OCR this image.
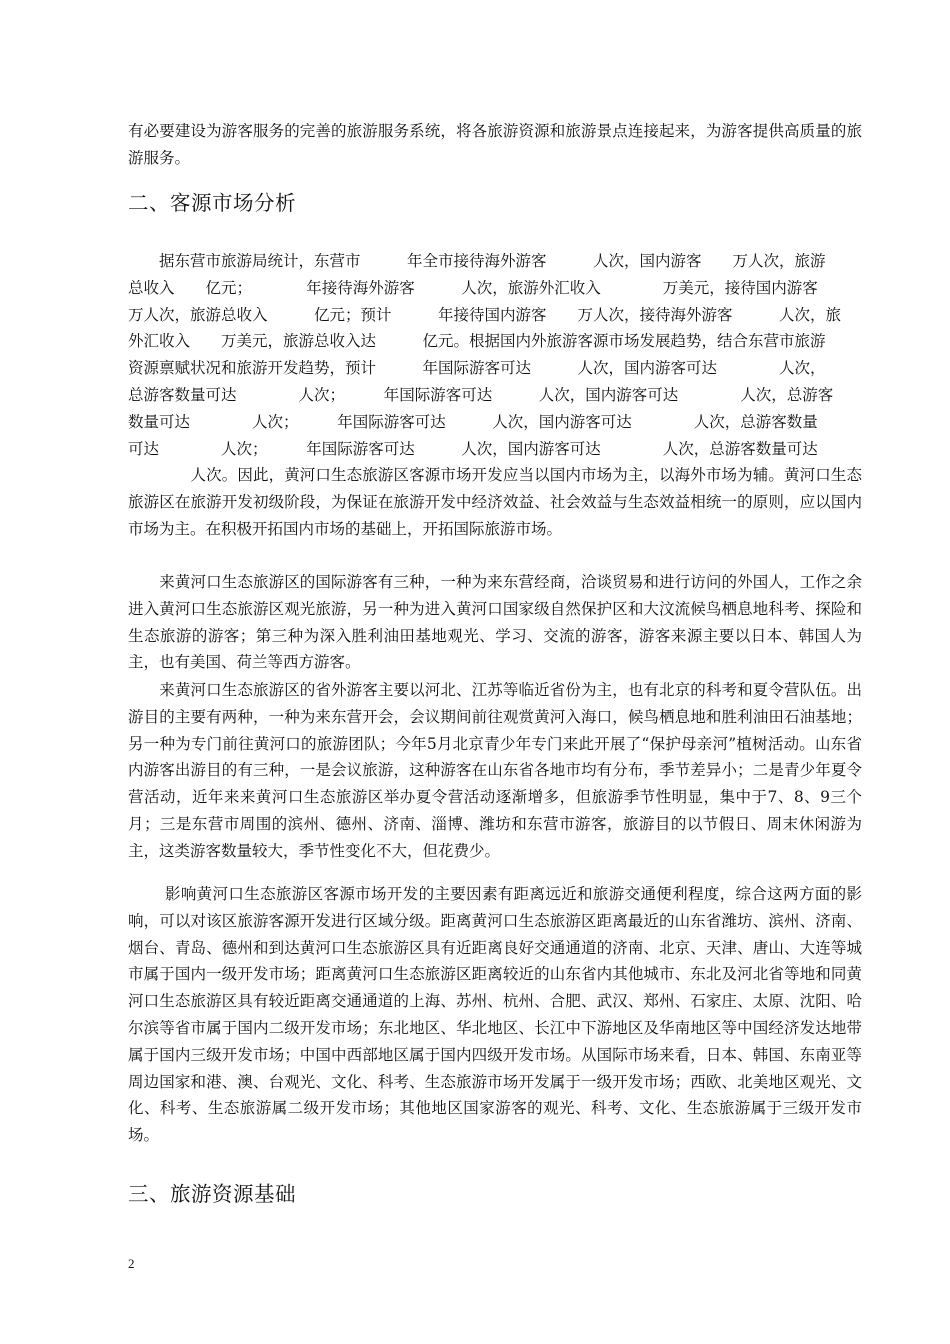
有必要建设为游客服务的完善的旅游服务系统，将各旅游资源和旅游景点连接起来，为游客提供高质量的旅游服务。

二、客源市场分析
　　据东营市旅游局统计，东营市　　　年全市接待海外游客　　　人次，国内游客　　万人次，旅游
总收入　　亿元；　　　　年接待海外游客　　　人次，旅游外汇收入　　　　万美元，接待国内游客
万人次，旅游总收入　　　亿元；预计　　　年接待国内游客　　万人次，接待海外游客　　　人次，旅
外汇收入　　万美元，旅游总收入达　　　亿元。根据国内外旅游客源市场发展趋势，结合东营市旅游
资源禀赋状况和旅游开发趋势，预计　　　年国际游客可达　　　人次，国内游客可达　　　　人次，
总游客数量可达　　　　人次；　　　年国际游客可达　　　人次，国内游客可达　　　　人次，总游客
数量可达　　　　人次；　　　年国际游客可达　　　人次，国内游客可达　　　　人次，总游客数量
可达　　　　人次；　　　年国际游客可达　　　人次，国内游客可达　　　　人次，总游客数量可达
　　　　人次。因此，黄河口生态旅游区客源市场开发应当以国内市场为主，以海外市场为辅。黄河口生态旅游区在旅游开发初级阶段，为保证在旅游开发中经济效益、社会效益与生态效益相统一的原则，应以国内市场为主。在积极开拓国内市场的基础上，开拓国际旅游市场。

　　来黄河口生态旅游区的国际游客有三种，一种为来东营经商，洽谈贸易和进行访问的外国人，工作之余进入黄河口生态旅游区观光旅游，另一种为进入黄河口国家级自然保护区和大汶流候鸟栖息地科考、探险和生态旅游的游客；第三种为深入胜利油田基地观光、学习、交流的游客，游客来源主要以日本、韩国人为主，也有美国、荷兰等西方游客。

　　来黄河口生态旅游区的省外游客主要以河北、江苏等临近省份为主，也有北京的科考和夏令营队伍。出游目的主要有两种，一种为来东营开会，会议期间前往观赏黄河入海口，候鸟栖息地和胜利油田石油基地；另一种为专门前往黄河口的旅游团队；今年5月北京青少年专门来此开展了“保护母亲河”植树活动。山东省内游客出游目的有三种，一是会议旅游，这种游客在山东省各地市均有分布，季节差异小；二是青少年夏令营活动，近年来来黄河口生态旅游区举办夏令营活动逐渐增多，但旅游季节性明显，集中于7、8、9三个月；三是东营市周围的滨州、德州、济南、淄博、潍坊和东营市游客，旅游目的以节假日、周末休闲游为主，这类游客数量较大，季节性变化不大，但花费少。

　　 影响黄河口生态旅游区客源市场开发的主要因素有距离远近和旅游交通便利程度，综合这两方面的影响，可以对该区旅游客源开发进行区域分级。距离黄河口生态旅游区距离最近的山东省潍坊、滨州、济南、烟台、青岛、德州和到达黄河口生态旅游区具有近距离良好交通通道的济南、北京、天津、唐山、大连等城市属于国内一级开发市场；距离黄河口生态旅游区距离较近的山东省内其他城市、东北及河北省等地和同黄河口生态旅游区具有较近距离交通通道的上海、苏州、杭州、合肥、武汉、郑州、石家庄、太原、沈阳、哈尔滨等省市属于国内二级开发市场；东北地区、华北地区、长江中下游地区及华南地区等中国经济发达地带属于国内三级开发市场；中国中西部地区属于国内四级开发市场。从国际市场来看，日本、韩国、东南亚等周边国家和港、澳、台观光、文化、科考、生态旅游市场开发属于一级开发市场；西欧、北美地区观光、文化、科考、生态旅游属二级开发市场；其他地区国家游客的观光、科考、文化、生态旅游属于三级开发市场。

三、旅游资源基础
2
